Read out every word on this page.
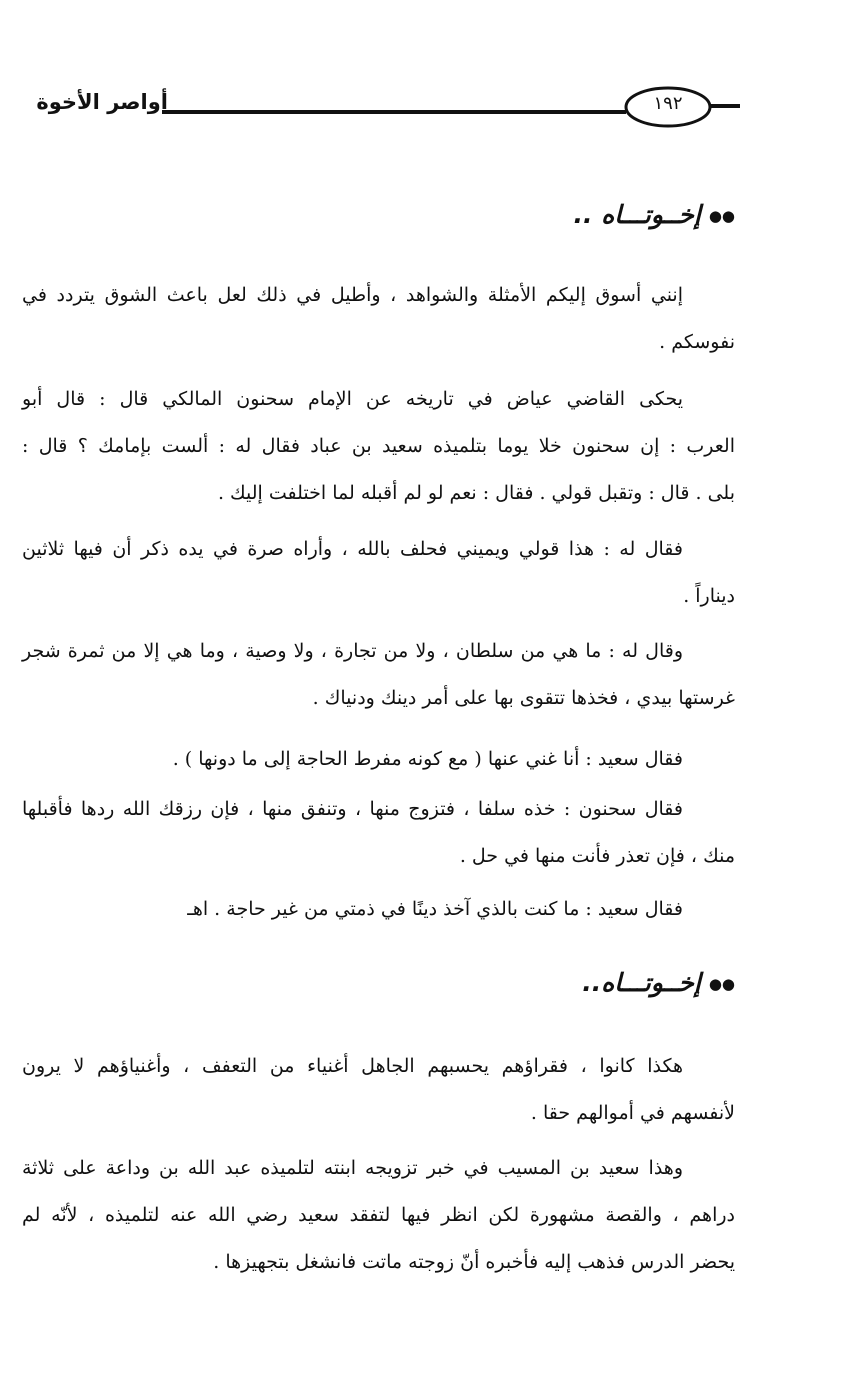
أواصر الأخوة	١٩٢
●●إخــوتـــاه ..
إنني أسوق إليكم الأمثلة والشواهد ، وأطيل في ذلك لعل باعث الشوق يتردد في
نفوسكم .
يحكى القاضي عياض في تاريخه عن الإمام سحنون المالكي قال : قال أبو
العرب : إن سحنون خلا يوما بتلميذه سعيد بن عباد فقال له : ألست بإمامك ؟ قال :
بلى . قال : وتقبل قولي . فقال : نعم لو لم أقبله لما اختلفت إليك .
فقال له : هذا قولي ويميني فحلف بالله ، وأراه صرة في يده ذكر أن فيها ثلاثين
ديناراً .
وقال له : ما هي من سلطان ، ولا من تجارة ، ولا وصية ، وما هي إلا من ثمرة شجر
غرستها بيدي ، فخذها تتقوى بها على أمر دينك ودنياك .
فقال سعيد : أنا غني عنها ( مع كونه مفرط الحاجة إلى ما دونها ) .
فقال سحنون : خذه سلفا ، فتزوج منها ، وتنفق منها ، فإن رزقك الله ردها فأقبلها
منك ، فإن تعذر فأنت منها في حل .
فقال سعيد : ما كنت بالذي آخذ دينًا في ذمتي من غير حاجة . اهـ
●●إخــوتـــاه..
هكذا كانوا ، فقراؤهم يحسبهم الجاهل أغنياء من التعفف ، وأغنياؤهم لا يرون
لأنفسهم في أموالهم حقا .
وهذا سعيد بن المسيب في خبر تزويجه ابنته لتلميذه عبد الله بن وداعة على ثلاثة
دراهم ، والقصة مشهورة لكن انظر فيها لتفقد سعيد رضي الله عنه لتلميذه ، لأنّه لم
يحضر الدرس فذهب إليه فأخبره أنّ زوجته ماتت فانشغل بتجهيزها .
